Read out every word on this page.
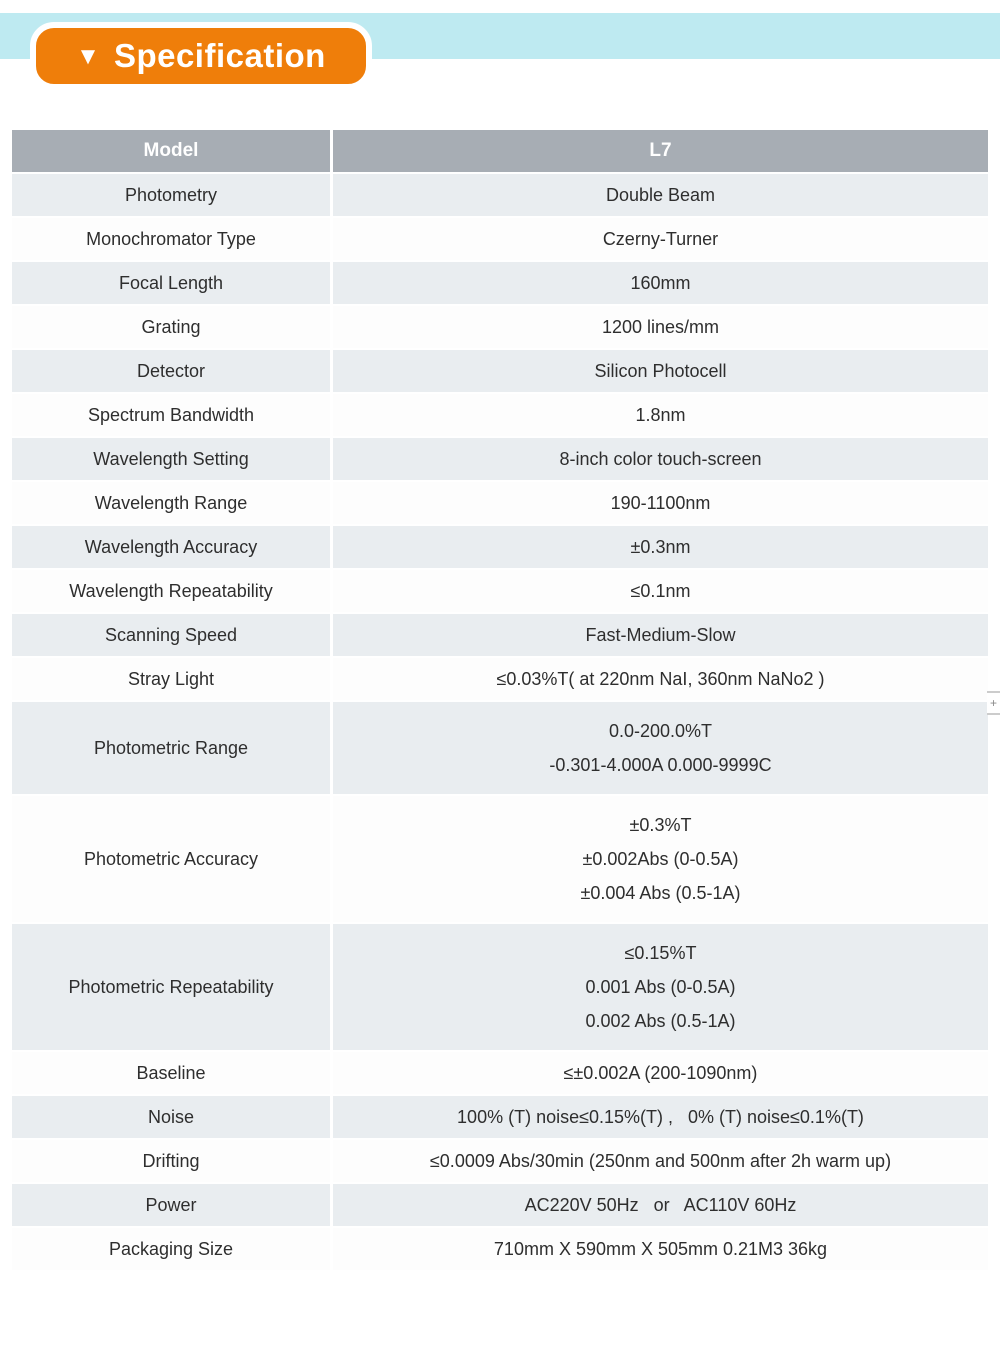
▼ Specification
Model	L7
Photometry	Double Beam

Monochromator Type	Czerny-Turner

Focal Length	160mm

Grating	1200 lines/mm

Detector	Silicon Photocell

Spectrum Bandwidth	1.8nm

Wavelength Setting	8-inch color touch-screen

Wavelength Range	190-1100nm

Wavelength Accuracy	±0.3nm

Wavelength Repeatability	≤0.1nm

Scanning Speed	Fast-Medium-Slow

Stray Light	≤0.03%T( at 220nm NaI, 360nm NaNo2 )

Photometric Range	0.0-200.0%T
-0.301-4.000A 0.000-9999C

Photometric Accuracy	±0.3%T
±0.002Abs (0-0.5A)
±0.004 Abs (0.5-1A)

Photometric Repeatability	≤0.15%T
0.001 Abs (0-0.5A)
0.002 Abs (0.5-1A)

Baseline	≤±0.002A (200-1090nm)

Noise	100% (T) noise≤0.15%(T) ,   0% (T) noise≤0.1%(T)

Drifting	≤0.0009 Abs/30min (250nm and 500nm after 2h warm up)

Power	AC220V 50Hz   or   AC110V 60Hz

Packaging Size	710mm X 590mm X 505mm 0.21M3 36kg
+
